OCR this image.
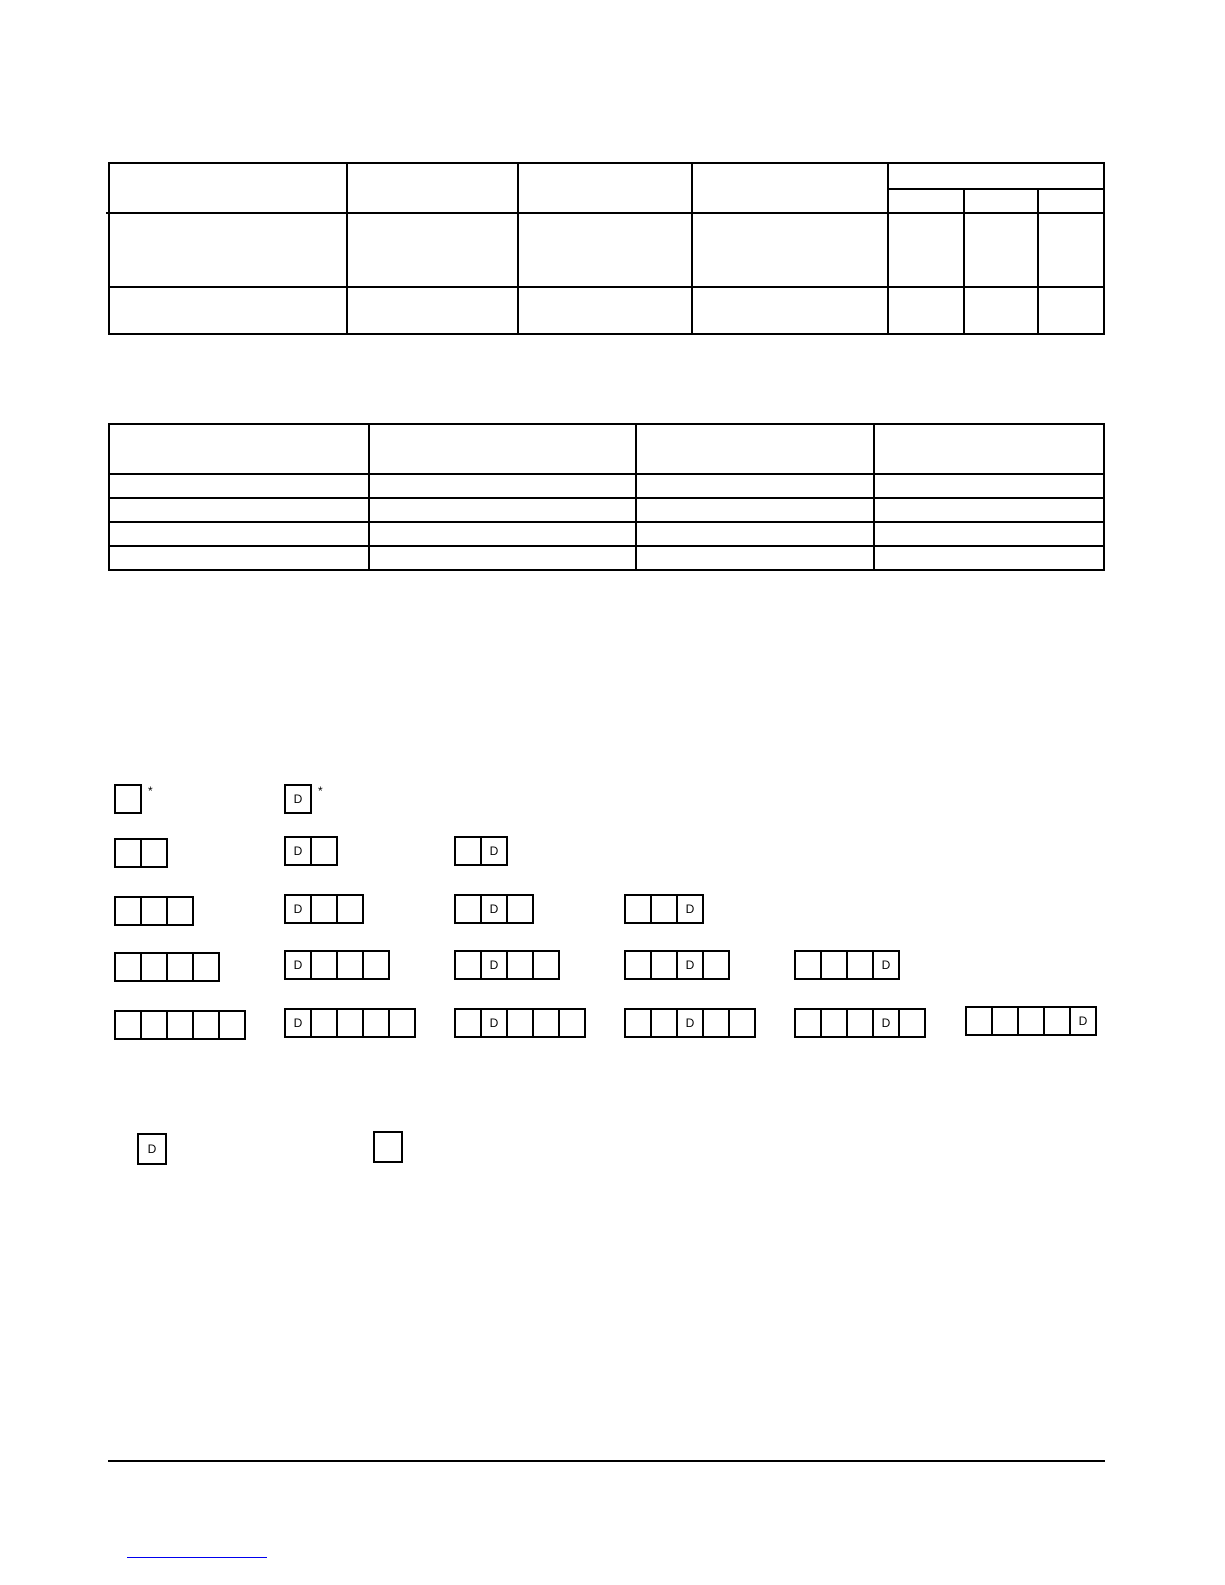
*
D
*
D	D
D	D	D
D	D	D	D
D	D	D	D	D
D
